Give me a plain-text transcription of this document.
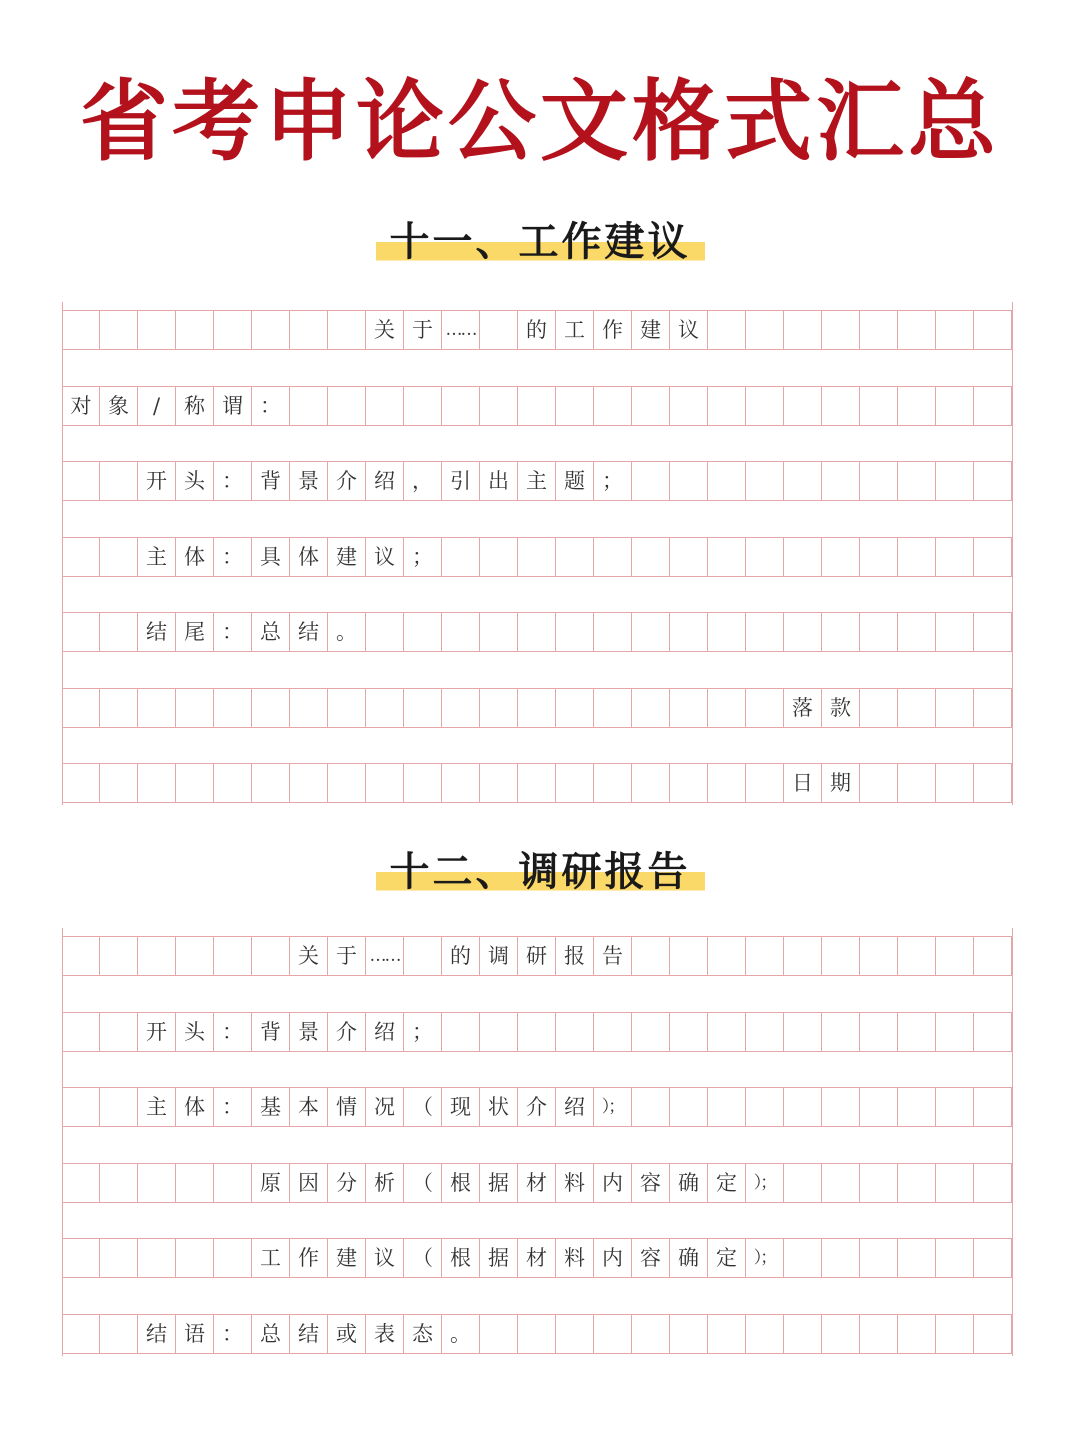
省考申论公文格式汇总
十一、工作建议
关 于 ……	的 工 作 建 议
对 象	/	称 谓 ：
开 头 ： 背 景 介 绍 ， 引 出 主 题 ；
主 体 ： 具 体 建 议 ；
结 尾 ： 总 结 。
落 款
日 期
十二、调研报告
关 于 ……	的 调 研 报 告
开 头 ： 背 景 介 绍 ；
主 体 ： 基 本 情 况 （ 现 状 介 绍 ）；
原 因 分 析 （ 根 据 材 料 内 容 确 定 ）；
工 作 建 议 （ 根 据 材 料 内 容 确 定 ）；
结 语 ： 总 结 或 表 态 。
